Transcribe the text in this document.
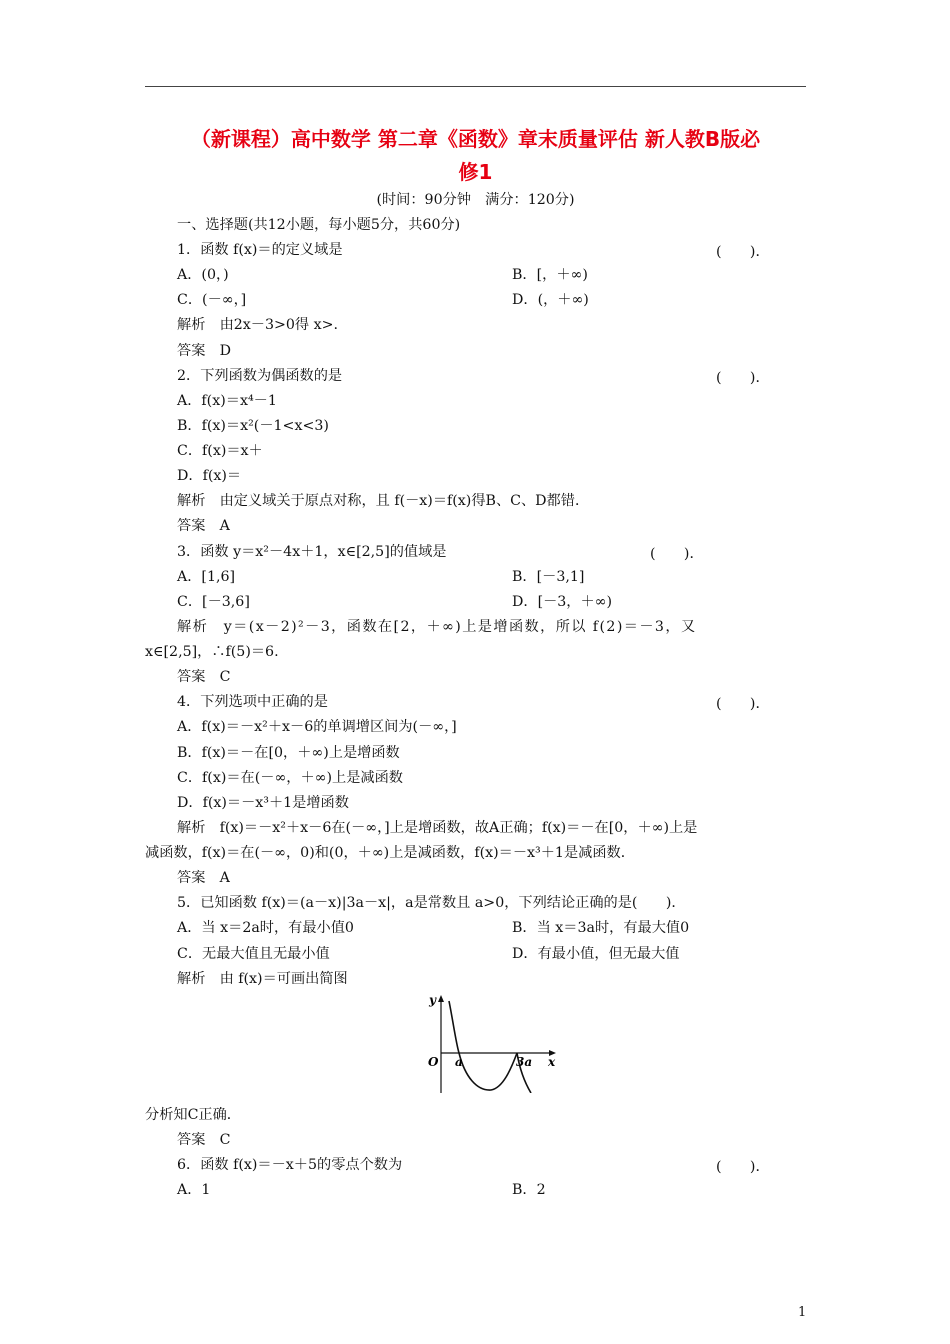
（新课程）高中数学 第二章《函数》章末质量评估 新人教B版必
修1
(时间：90分钟　满分：120分)
一、选择题(共12小题，每小题5分，共60分)
1．函数 f(x)＝的定义域是	(　　)．
A．(0，)	B．[，＋∞)
C．(－∞，]	D．(，＋∞)
解析　由2x－3>0得 x>.
答案　D
2．下列函数为偶函数的是	(　　)．
A．f(x)＝x⁴－1
B．f(x)＝x²(－1<x<3)
C．f(x)＝x＋
D．f(x)＝
解析　由定义域关于原点对称，且 f(－x)＝f(x)得B、C、D都错．
答案　A
3．函数 y＝x²－4x＋1，x∈[2,5]的值域是	(　　)．
A．[1,6]	B．[－3,1]
C．[－3,6]	D．[－3，＋∞)
解析　y＝(x－2)²－3，函数在[2，＋∞)上是增函数，所以 f(2)＝－3，又
x∈[2,5]，∴f(5)＝6.
答案　C
4．下列选项中正确的是	(　　)．
A．f(x)＝－x²＋x－6的单调增区间为(－∞，]
B．f(x)＝－在[0，＋∞)上是增函数
C．f(x)＝在(－∞，＋∞)上是减函数
D．f(x)＝－x³＋1是增函数
解析　f(x)＝－x²＋x－6在(－∞，]上是增函数，故A正确；f(x)＝－在[0，＋∞)上是
减函数，f(x)＝在(－∞，0)和(0，＋∞)上是减函数，f(x)＝－x³＋1是减函数．
答案　A
5．已知函数 f(x)＝(a－x)|3a－x|，a是常数且 a>0，下列结论正确的是(　　)．
A．当 x＝2a时，有最小值0	B．当 x＝3a时，有最大值0
C．无最大值且无最小值	D．有最小值，但无最大值
解析　由 f(x)＝可画出简图
y
O a	3a x
分析知C正确．
答案　C
6．函数 f(x)＝－x＋5的零点个数为	(　　)．
A．1	B．2
1
